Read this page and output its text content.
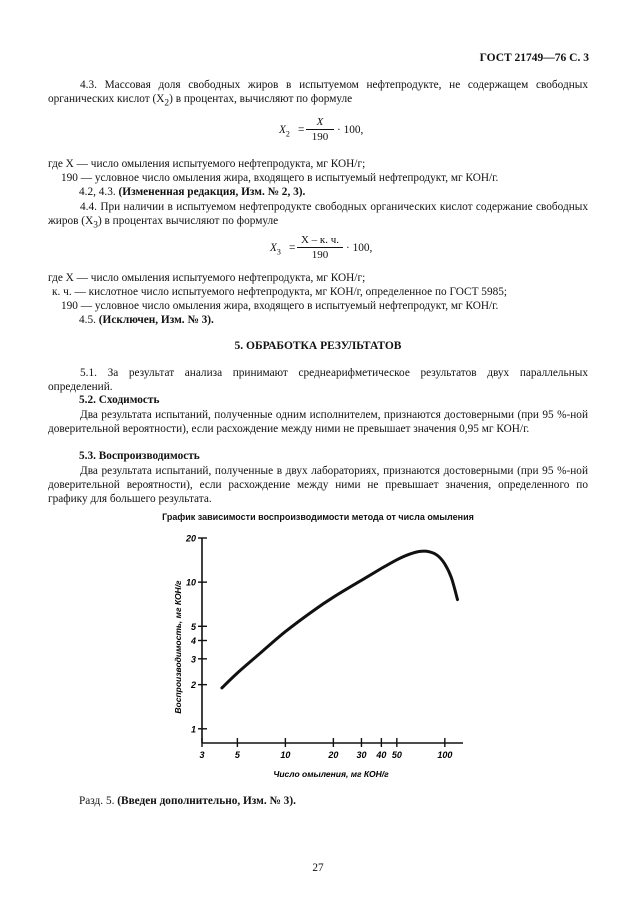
ГОСТ 21749—76 С. 3
4.3. Массовая доля свободных жиров в испытуемом нефтепродукте, не содержащем свободных органических кислот $(X_2)$ в процентах, вычисляют по формуле
$X_2 = \frac{X}{190} \cdot 100$,
где X — число омыления испытуемого нефтепродукта, мг КОН/г;
190 — условное число омыления жира, входящего в испытуемый нефтепродукт, мг КОН/г.
4.2, 4.3. (Измененная редакция, Изм. № 2, 3).
4.4. При наличии в испытуемом нефтепродукте свободных органических кислот содержание свободных жиров $(X_3)$ в процентах вычисляют по формуле
$X_3$ =
X – к. ч.
190
· 100,
где X — число омыления испытуемого нефтепродукта, мг КОН/г;
к. ч. — кислотное число испытуемого нефтепродукта, мг КОН/г, определенное по ГОСТ 5985;
190 — условное число омыления жира, входящего в испытуемый нефтепродукт, мг КОН/г.
4.5. (Исключен, Изм. № 3).
5. ОБРАБОТКА РЕЗУЛЬТАТОВ
5.1. За результат анализа принимают среднеарифметическое результатов двух параллельных определений.
5.2. Сходимость
Два результата испытаний, полученные одним исполнителем, признаются достоверными (при 95 %-ной доверительной вероятности), если расхождение между ними не превышает значения 0,95 мг КОН/г.
5.3. Воспроизводимость
Два результата испытаний, полученные в двух лабораториях, признаются достоверными (при 95 %-ной доверительной вероятности), если расхождение между ними не превышает значения, определенного по графику для большего результата.
График зависимости воспроизводимости метода от числа омыления
1
2
3
4
5
10
20
3	5	10	20 30 40 50	100
Воспроизводимость, мг КОН/г
Число омыления, мг КОН/г
Разд. 5. (Введен дополнительно, Изм. № 3).
27
